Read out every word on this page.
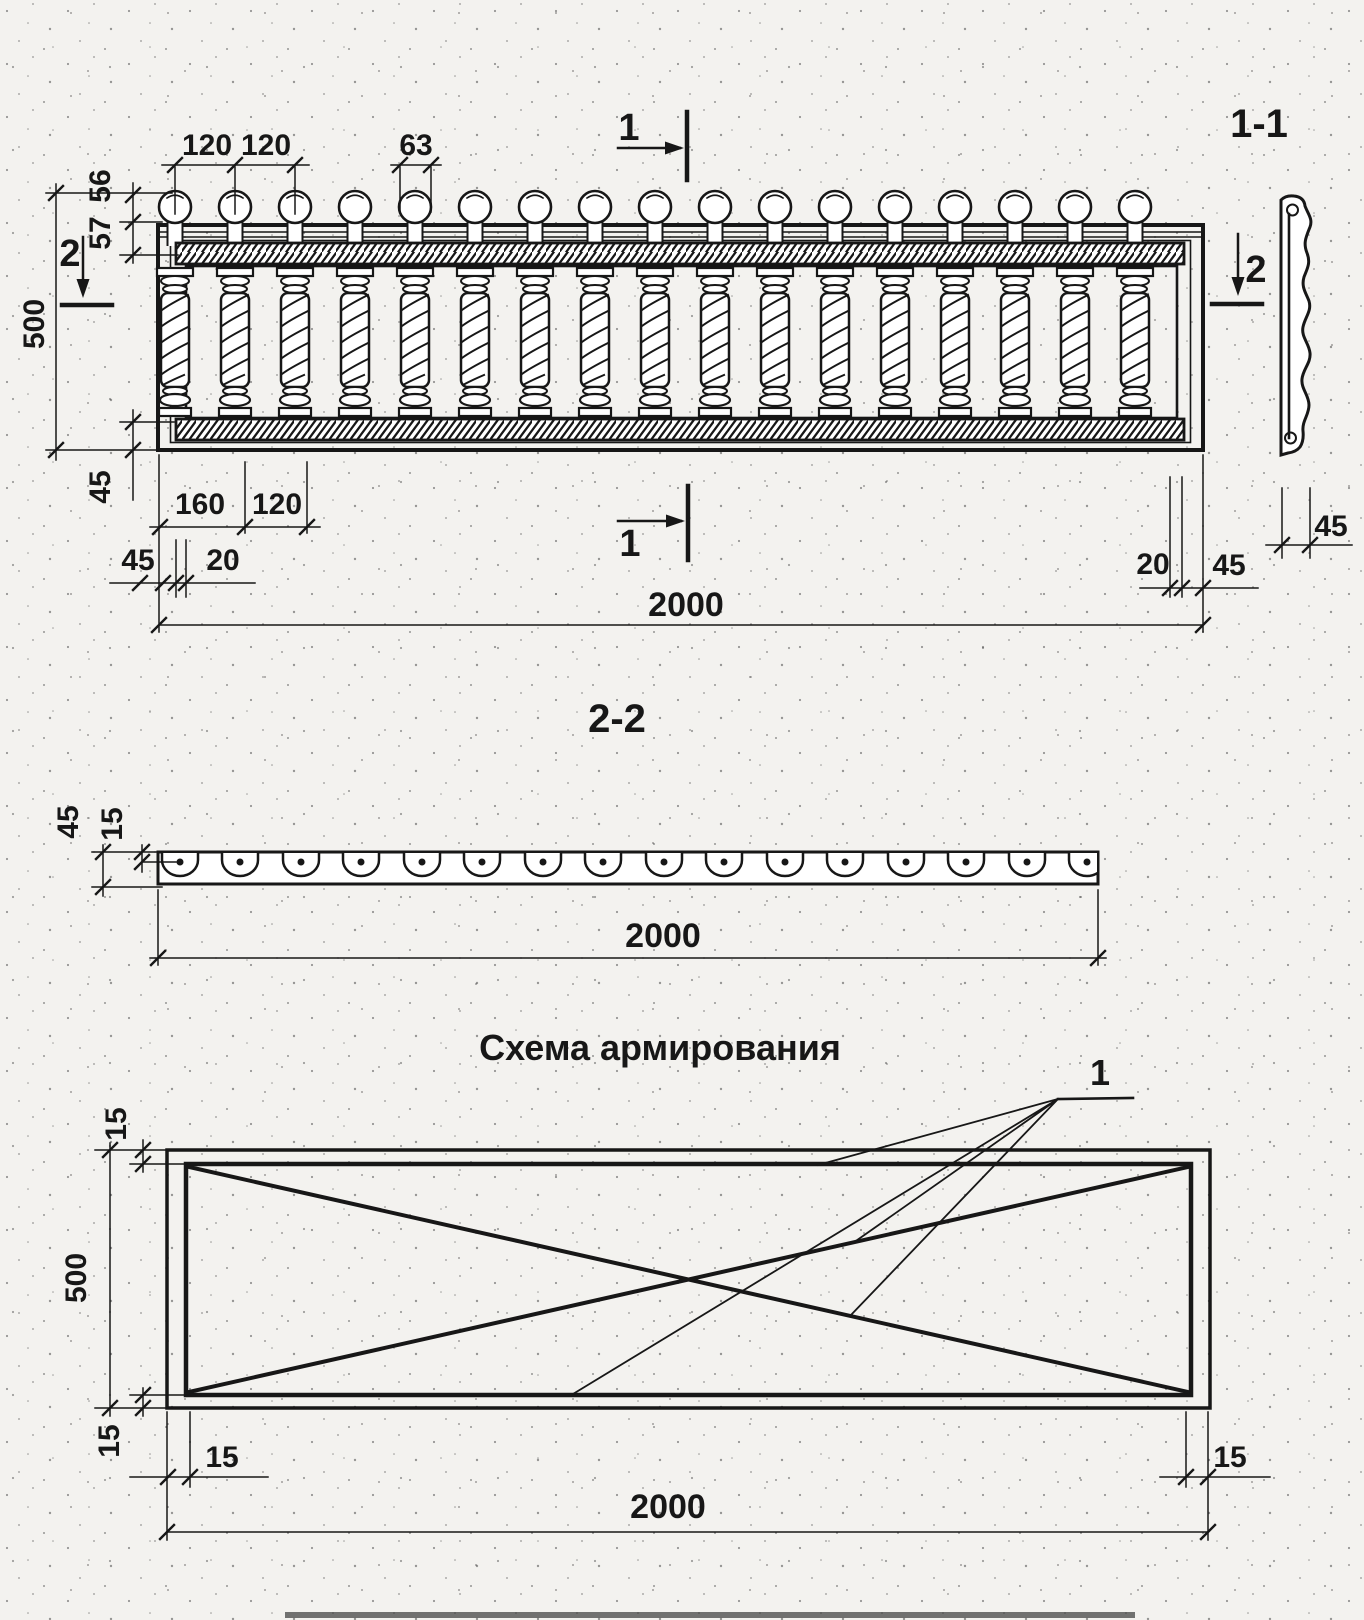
120 120	63	1
56
57
500
2
45
160 120
45 20	1
2000
20 45
2
1-1
45
2-2
45 15
2000
Схема армирования
1
15
500
15	15	15
2000
